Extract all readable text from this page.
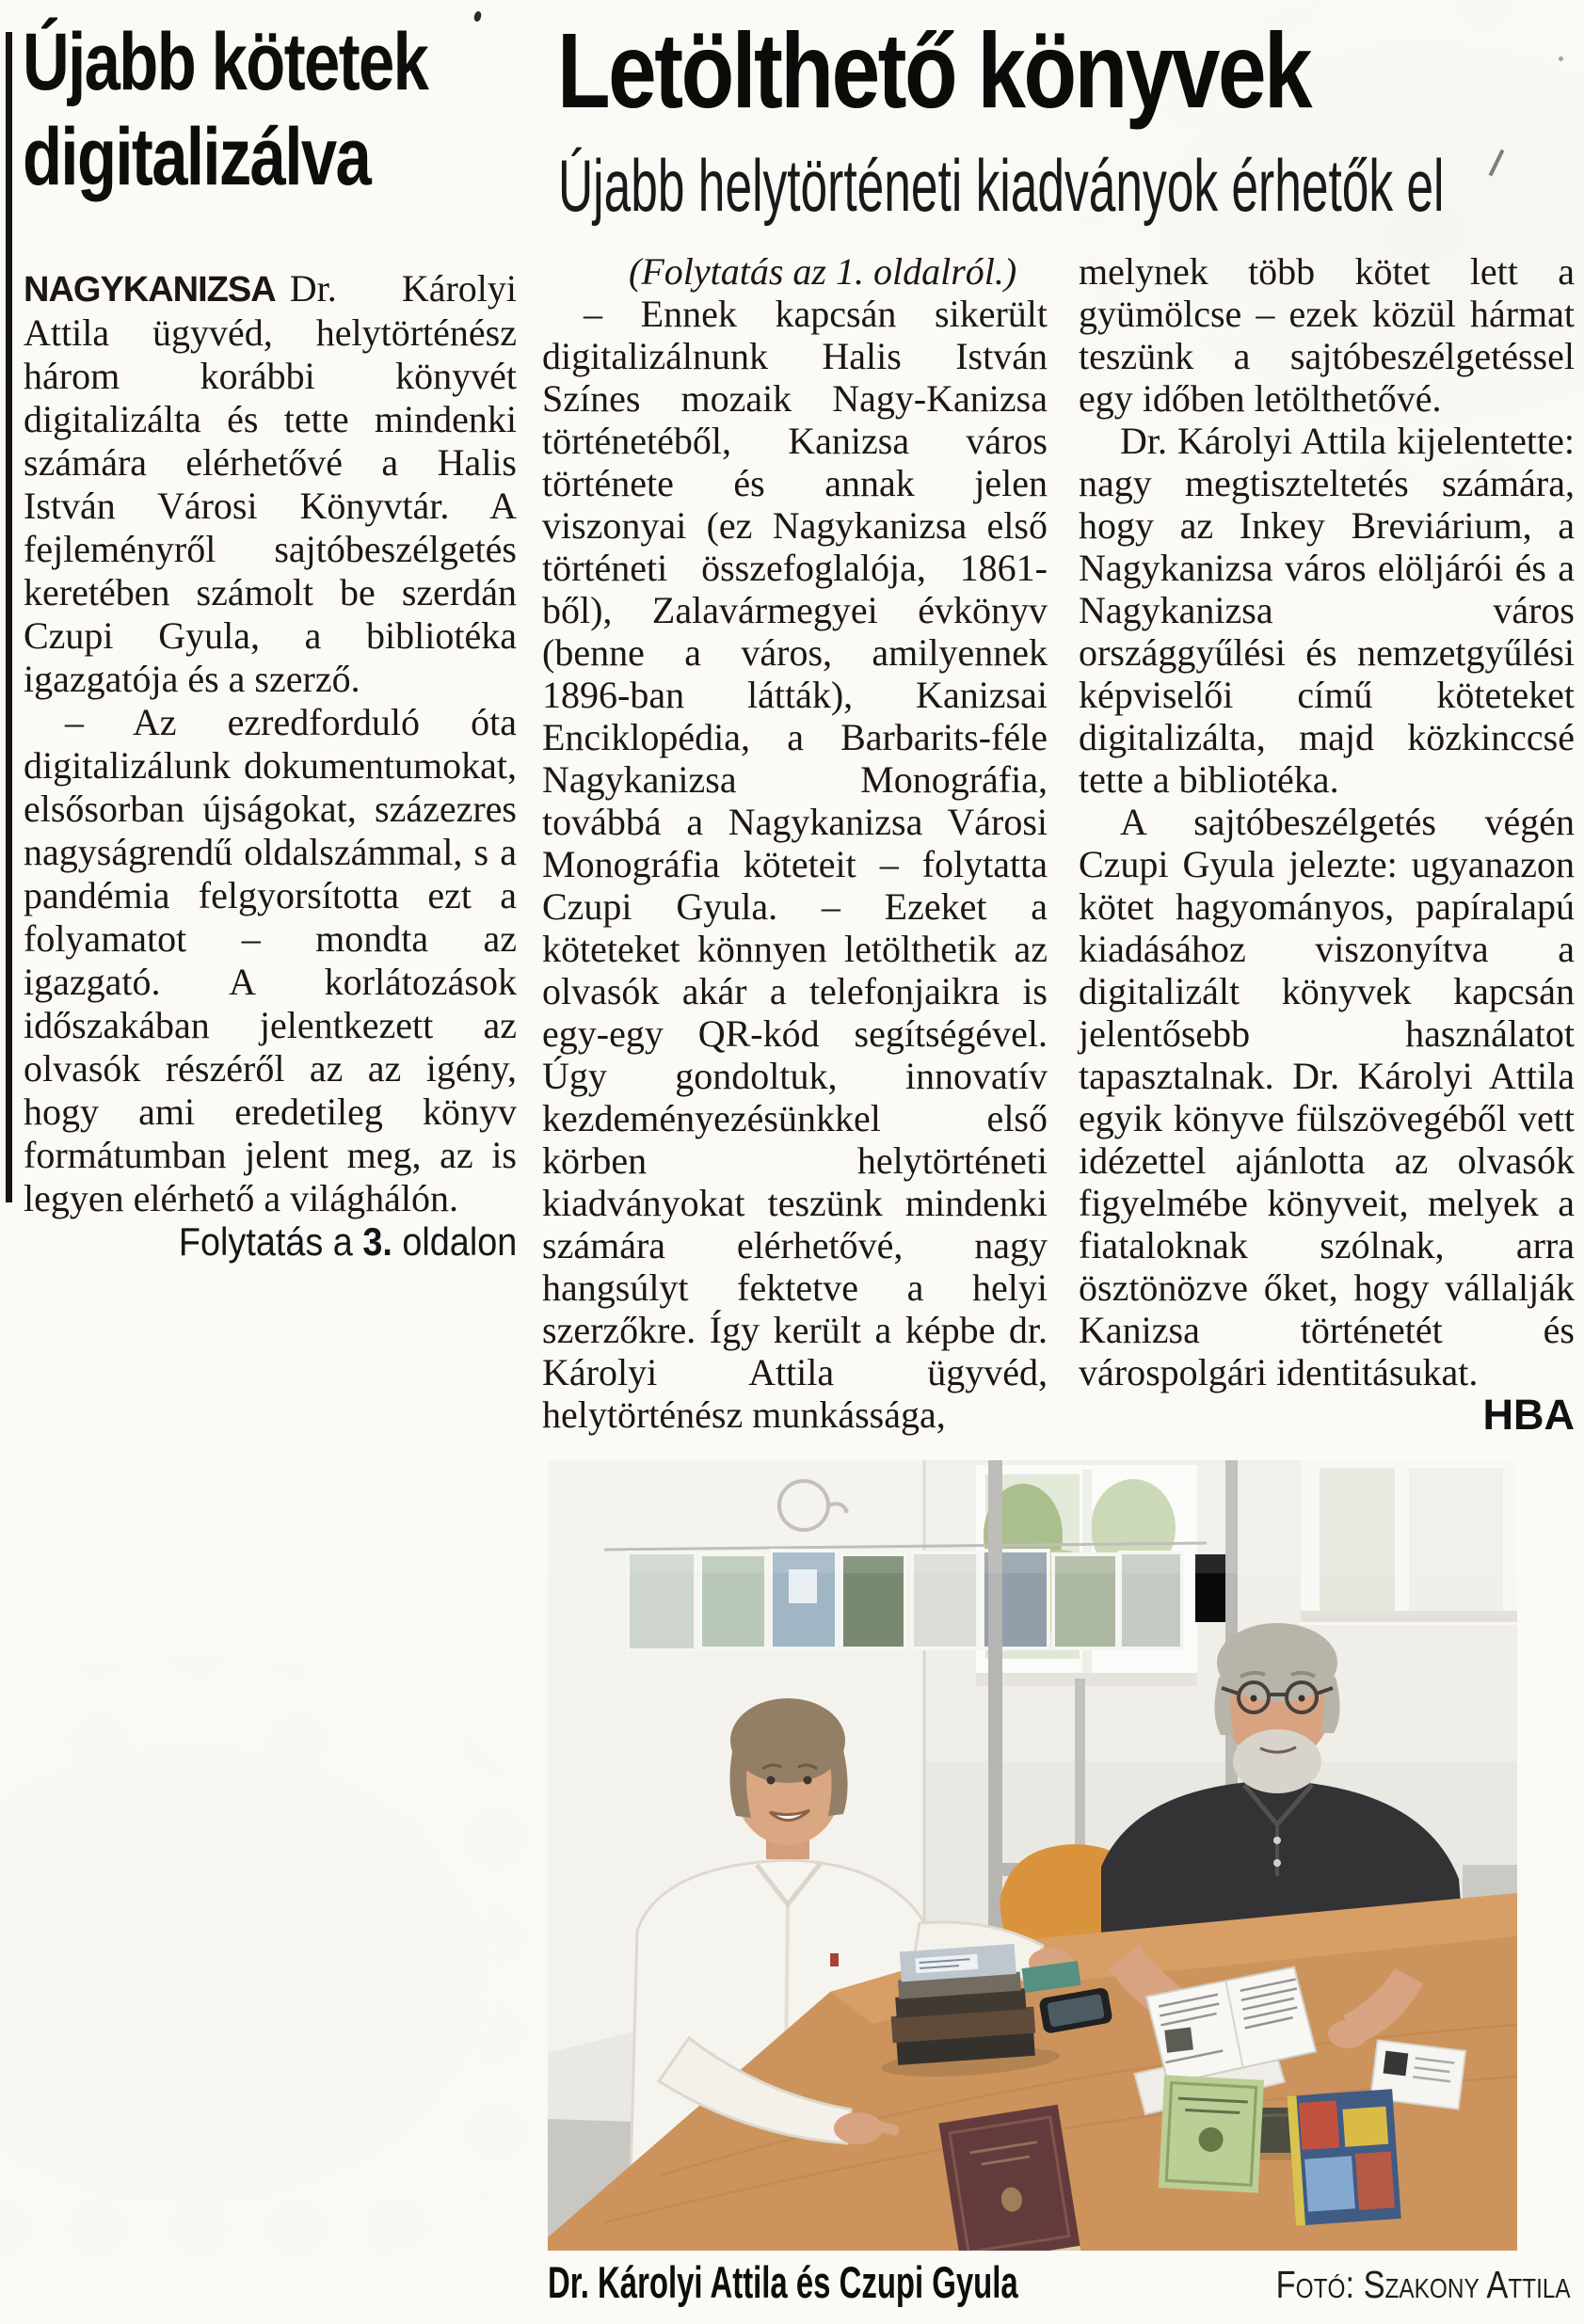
Újabb kötetek
digitalizálva
Letölthető könyvek
Újabb helytörténeti kiadványok érhetők el

NAGYKANIZSA Dr. Károlyi Attila ügyvéd, helytörténész három korábbi könyvét digitalizálta és tette mindenki számára elérhetővé a Halis István Városi Könyvtár. A fejleményről sajtóbeszélgetés keretében számolt be szerdán Czupi Gyula, a bibliotéka igazgatója és a szerző.

– Az ezredforduló óta digitalizálunk dokumentumokat, elsősorban újságokat, százezres nagyságrendű oldalszámmal, s a pandémia felgyorsította ezt a folyamatot – mondta az igazgató. A korlátozások időszakában jelentkezett az olvasók részéről az az igény, hogy ami eredetileg könyv formátumban jelent meg, az is legyen elérhető a világhálón.

Folytatás a 3. oldalon

(Folytatás az 1. oldalról.)

– Ennek kapcsán sikerült digitalizálnunk Halis István Színes mozaik Nagy-Kanizsa történetéből, Kanizsa város története és annak jelen viszonyai (ez Nagykanizsa első történeti összefoglalója, 1861-ből), Zalavármegyei évkönyv (benne a város, amilyennek 1896-ban látták), Kanizsai Enciklopédia, a Barbarits-féle Nagykanizsa Monográfia, továbbá a Nagykanizsa Városi Monográfia köteteit – folytatta Czupi Gyula. – Ezeket a köteteket könnyen letölthetik az olvasók akár a telefonjaikra is egy-egy QR-kód segítségével. Úgy gondoltuk, innovatív kezdeményezésünkkel első körben helytörténeti kiadványokat teszünk mindenki számára elérhetővé, nagy hangsúlyt fektetve a helyi szerzőkre. Így került a képbe dr. Károlyi Attila ügyvéd, helytörténész munkássága,

melynek több kötet lett a gyümölcse – ezek közül hármat teszünk a sajtóbeszélgetéssel egy időben letölthetővé.

Dr. Károlyi Attila kijelentette: nagy megtiszteltetés számára, hogy az Inkey Breviárium, a Nagykanizsa város elöljárói és a Nagykanizsa város országgyűlési és nemzetgyűlési képviselői című köteteket digitalizálta, majd közkinccsé tette a bibliotéka.

A sajtóbeszélgetés végén Czupi Gyula jelezte: ugyanazon kötet hagyományos, papíralapú kiadásához viszonyítva a digitalizált könyvek kapcsán jelentősebb használatot tapasztalnak. Dr. Károlyi Attila egyik könyve fülszövegéből vett idézettel ajánlotta az olvasók figyelmébe könyveit, melyek a fiataloknak szólnak, arra ösztönözve őket, hogy vállalják Kanizsa történetét és várospolgári identitásukat.

HBA

Dr. Károlyi Attila és Czupi Gyula	Fotó: Szakony Attila
